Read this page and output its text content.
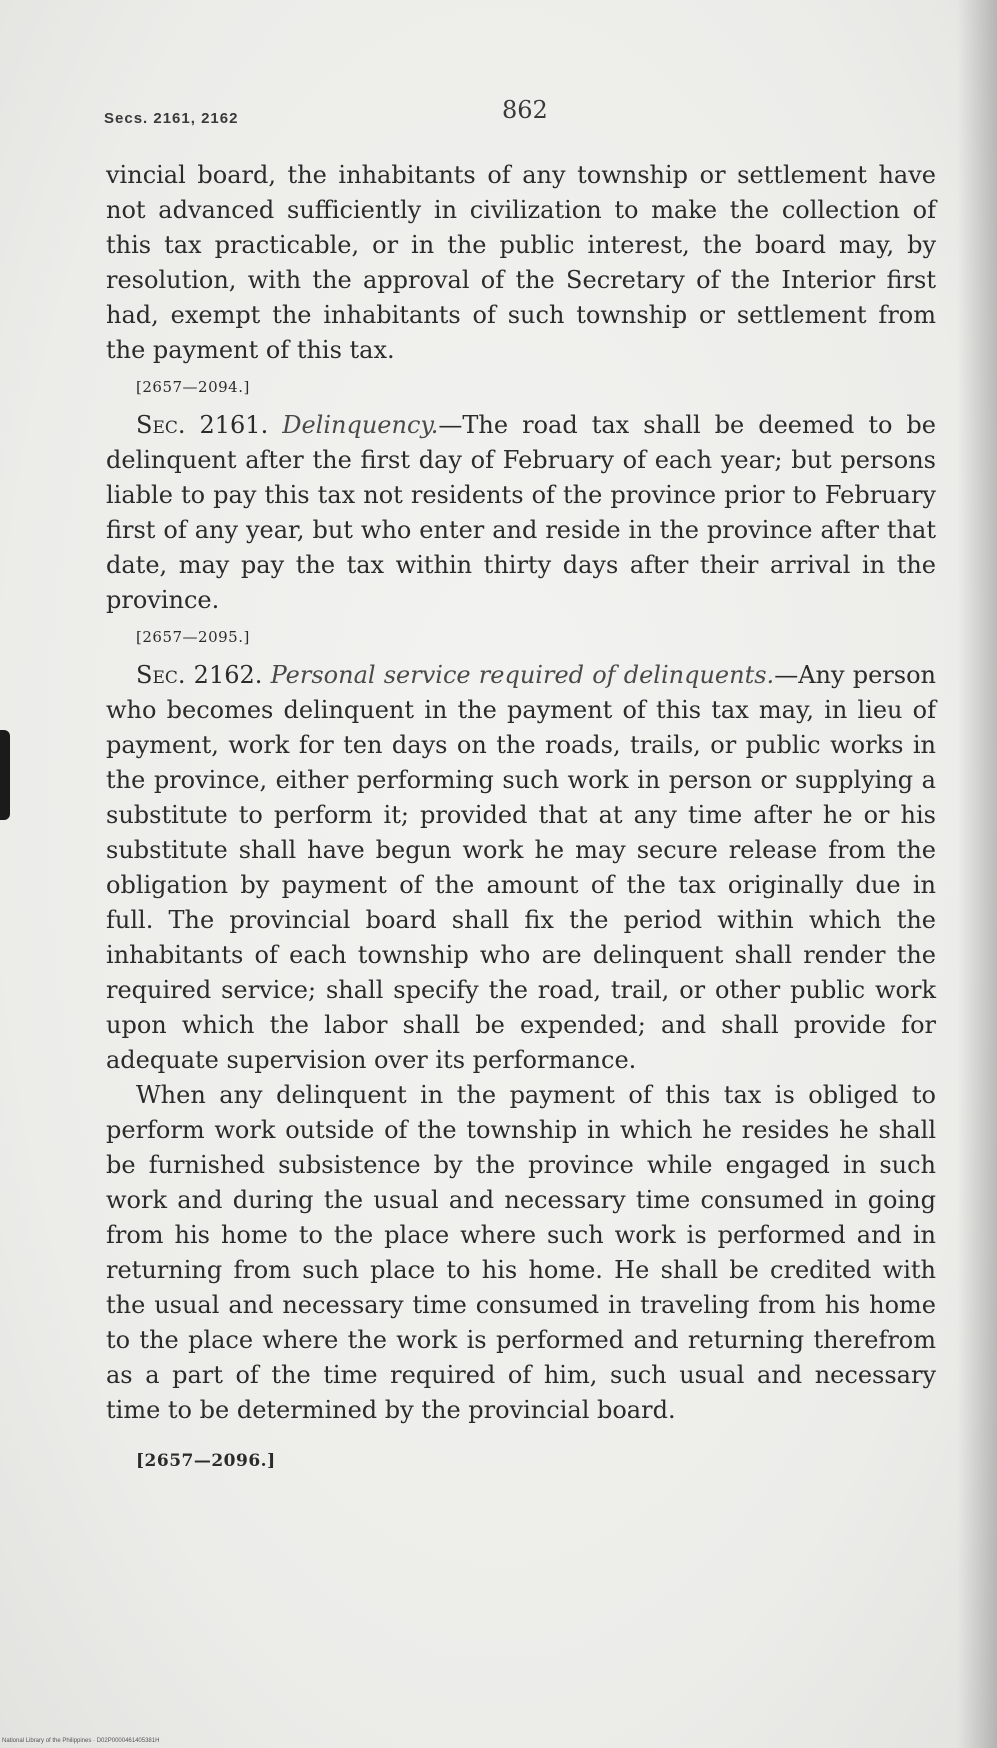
Secs. 2161, 2162	862

vincial board, the inhabitants of any township or settlement have not advanced sufficiently in civilization to make the collection of this tax practicable, or in the public interest, the board may, by resolution, with the approval of the Secretary of the Interior first had, exempt the inhabitants of such township or settlement from the payment of this tax.

[2657—2094.]

Sec. 2161. Delinquency.—The road tax shall be deemed to be delinquent after the first day of February of each year; but persons liable to pay this tax not residents of the province prior to February first of any year, but who enter and reside in the province after that date, may pay the tax within thirty days after their arrival in the province.

[2657—2095.]

Sec. 2162. Personal service required of delinquents.—Any person who becomes delinquent in the payment of this tax may, in lieu of payment, work for ten days on the roads, trails, or public works in the province, either performing such work in person or supplying a substitute to perform it; provided that at any time after he or his substitute shall have begun work he may secure release from the obligation by payment of the amount of the tax originally due in full. The provincial board shall fix the period within which the inhabitants of each township who are delinquent shall render the required service; shall specify the road, trail, or other public work upon which the labor shall be expended; and shall provide for adequate supervision over its performance.

When any delinquent in the payment of this tax is obliged to perform work outside of the township in which he resides he shall be furnished subsistence by the province while engaged in such work and during the usual and necessary time consumed in going from his home to the place where such work is performed and in returning from such place to his home. He shall be credited with the usual and necessary time consumed in traveling from his home to the place where the work is performed and returning therefrom as a part of the time required of him, such usual and necessary time to be determined by the provincial board.

[2657—2096.]
National Library of the Philippines · D02P0000461405381H
